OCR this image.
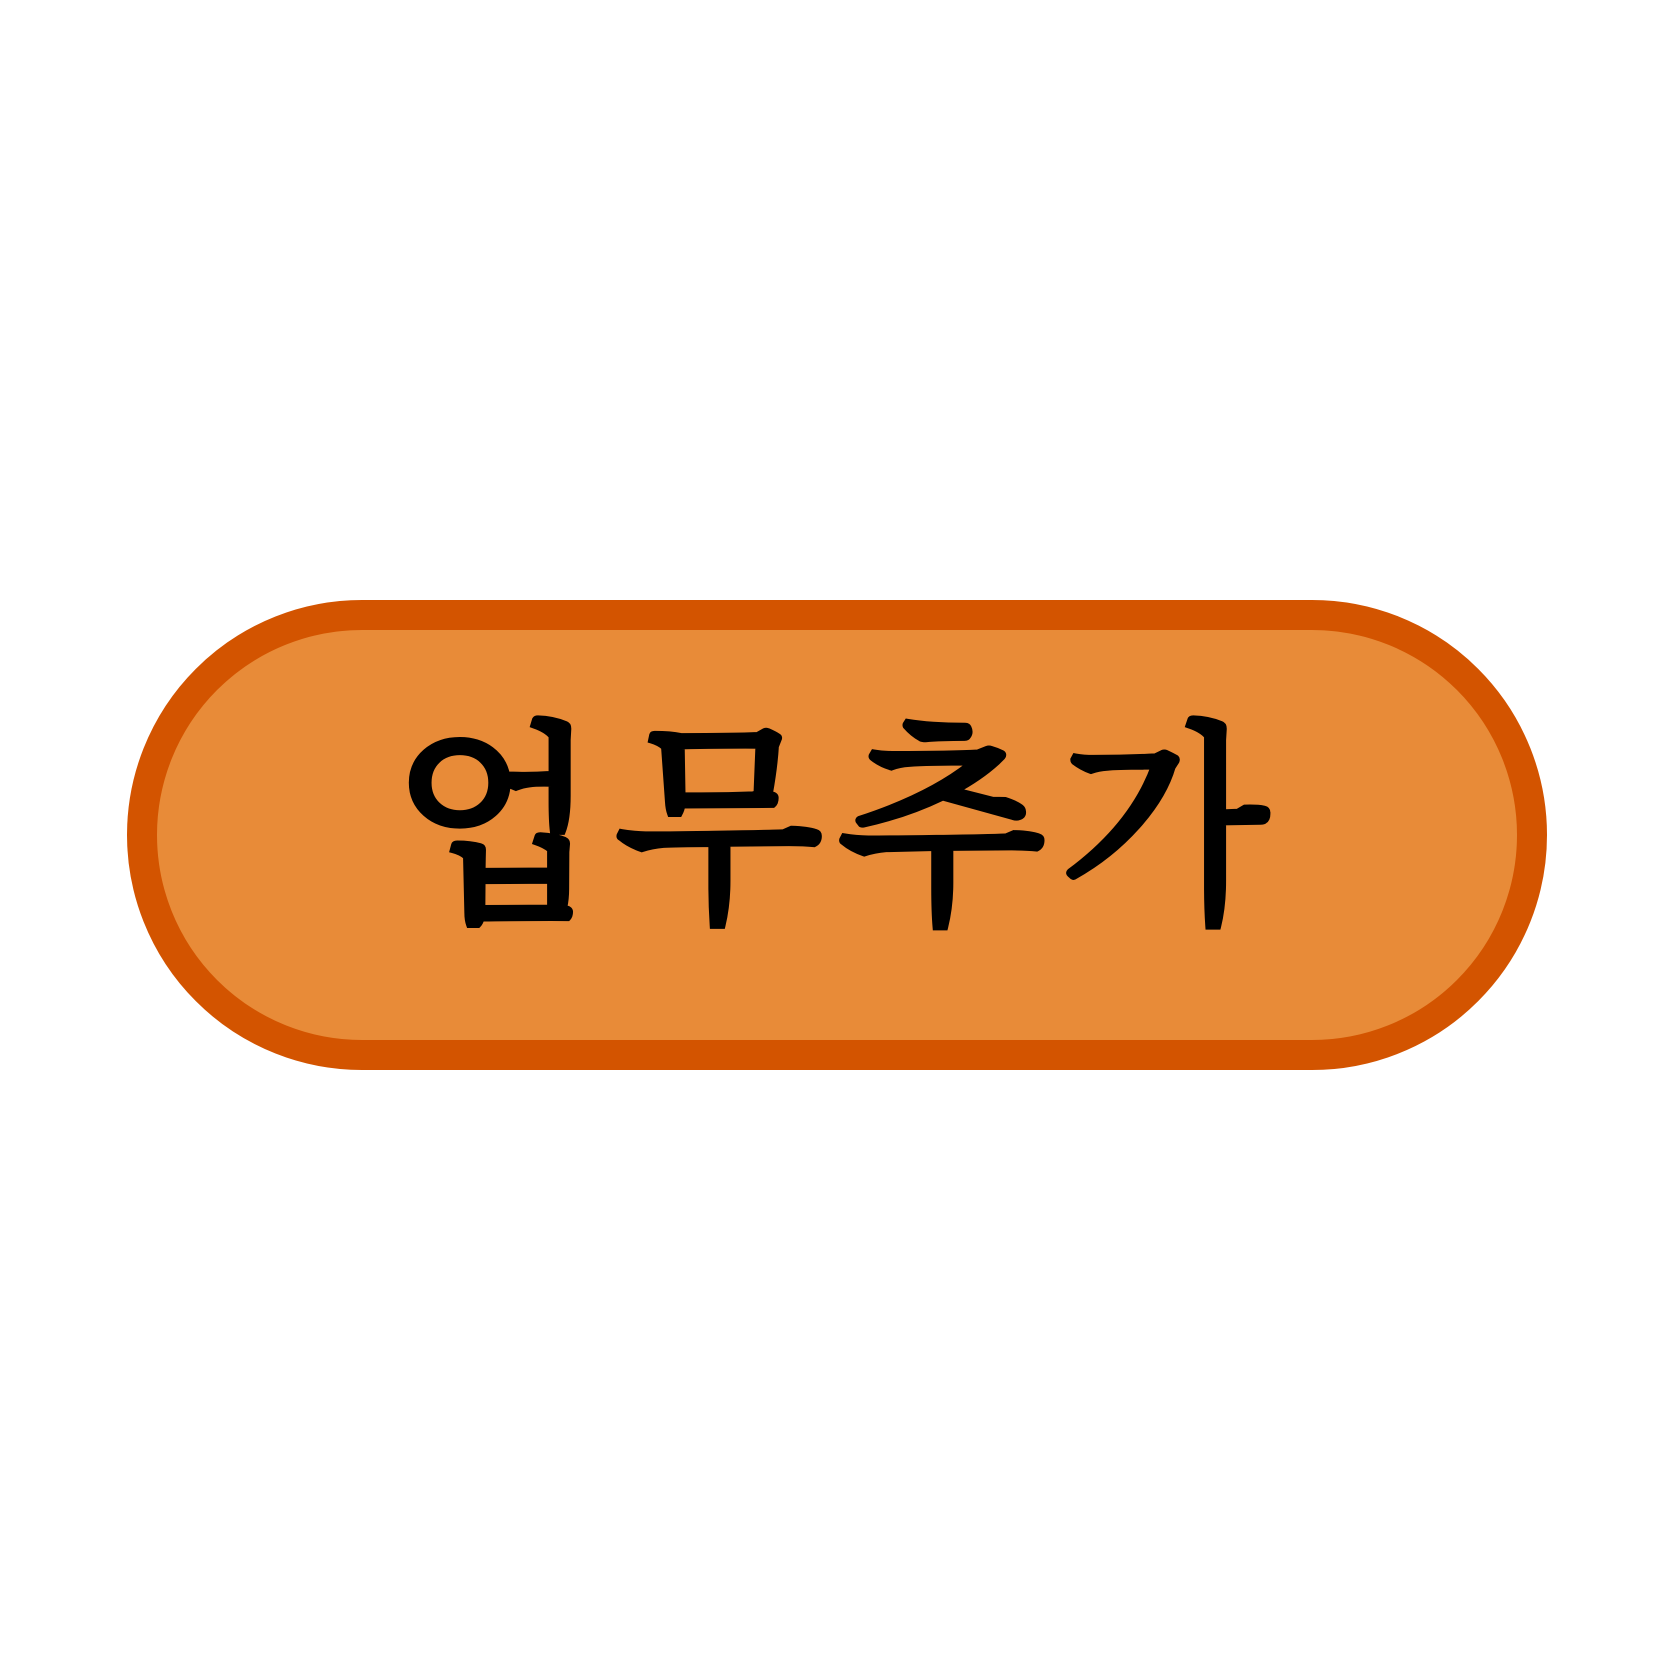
업무추가
